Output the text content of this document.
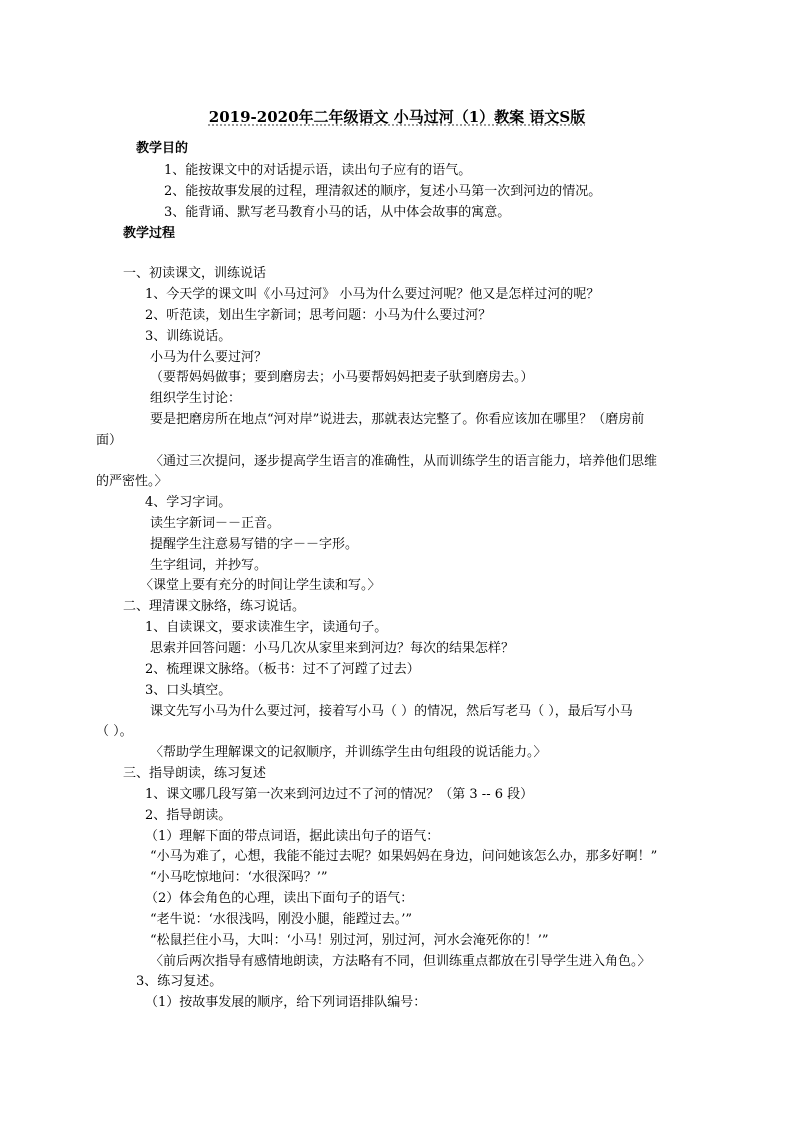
2019-2020年二年级语文 小马过河（1）教案 语文S版
教学目的
1、能按课文中的对话提示语，读出句子应有的语气。
2、能按故事发展的过程，理清叙述的顺序，复述小马第一次到河边的情况。
3、能背诵、默写老马教育小马的话，从中体会故事的寓意。
教学过程
一、初读课文，训练说话
1、今天学的课文叫《小马过河》 小马为什么要过河呢？他又是怎样过河的呢？
2、听范读，划出生字新词；思考问题：小马为什么要过河？
3、训练说话。
小马为什么要过河？
（要帮妈妈做事；要到磨房去；小马要帮妈妈把麦子驮到磨房去。）
组织学生讨论：
要是把磨房所在地点“河对岸”说进去，那就表达完整了。你看应该加在哪里？（磨房前
面）
〈通过三次提问，逐步提高学生语言的准确性，从而训练学生的语言能力，培养他们思维
的严密性。〉
4、学习字词。
读生字新词－－正音。
提醒学生注意易写错的字－－字形。
生字组词，并抄写。
〈课堂上要有充分的时间让学生读和写。〉
二、理清课文脉络，练习说话。
1、自读课文，要求读准生字，读通句子。
思索并回答问题：小马几次从家里来到河边？每次的结果怎样？
2、梳理课文脉络。（板书：过不了河蹚了过去）
3、口头填空。
课文先写小马为什么要过河，接着写小马（ ）的情况，然后写老马（ ），最后写小马
（ ）。
〈帮助学生理解课文的记叙顺序，并训练学生由句组段的说话能力。〉
三、指导朗读，练习复述
1、课文哪几段写第一次来到河边过不了河的情况？（第 3 -- 6 段）
2、指导朗读。
（1）理解下面的带点词语，据此读出句子的语气：
“小马为难了，心想，我能不能过去呢？如果妈妈在身边，问问她该怎么办，那多好啊！”
“小马吃惊地问：‘水很深吗？’”
（2）体会角色的心理，读出下面句子的语气：
“老牛说：‘水很浅吗，刚没小腿，能蹚过去。’”
“松鼠拦住小马，大叫：‘小马！别过河，别过河，河水会淹死你的！’”
〈前后两次指导有感情地朗读，方法略有不同，但训练重点都放在引导学生进入角色。〉
3、练习复述。
（1）按故事发展的顺序，给下列词语排队编号：
